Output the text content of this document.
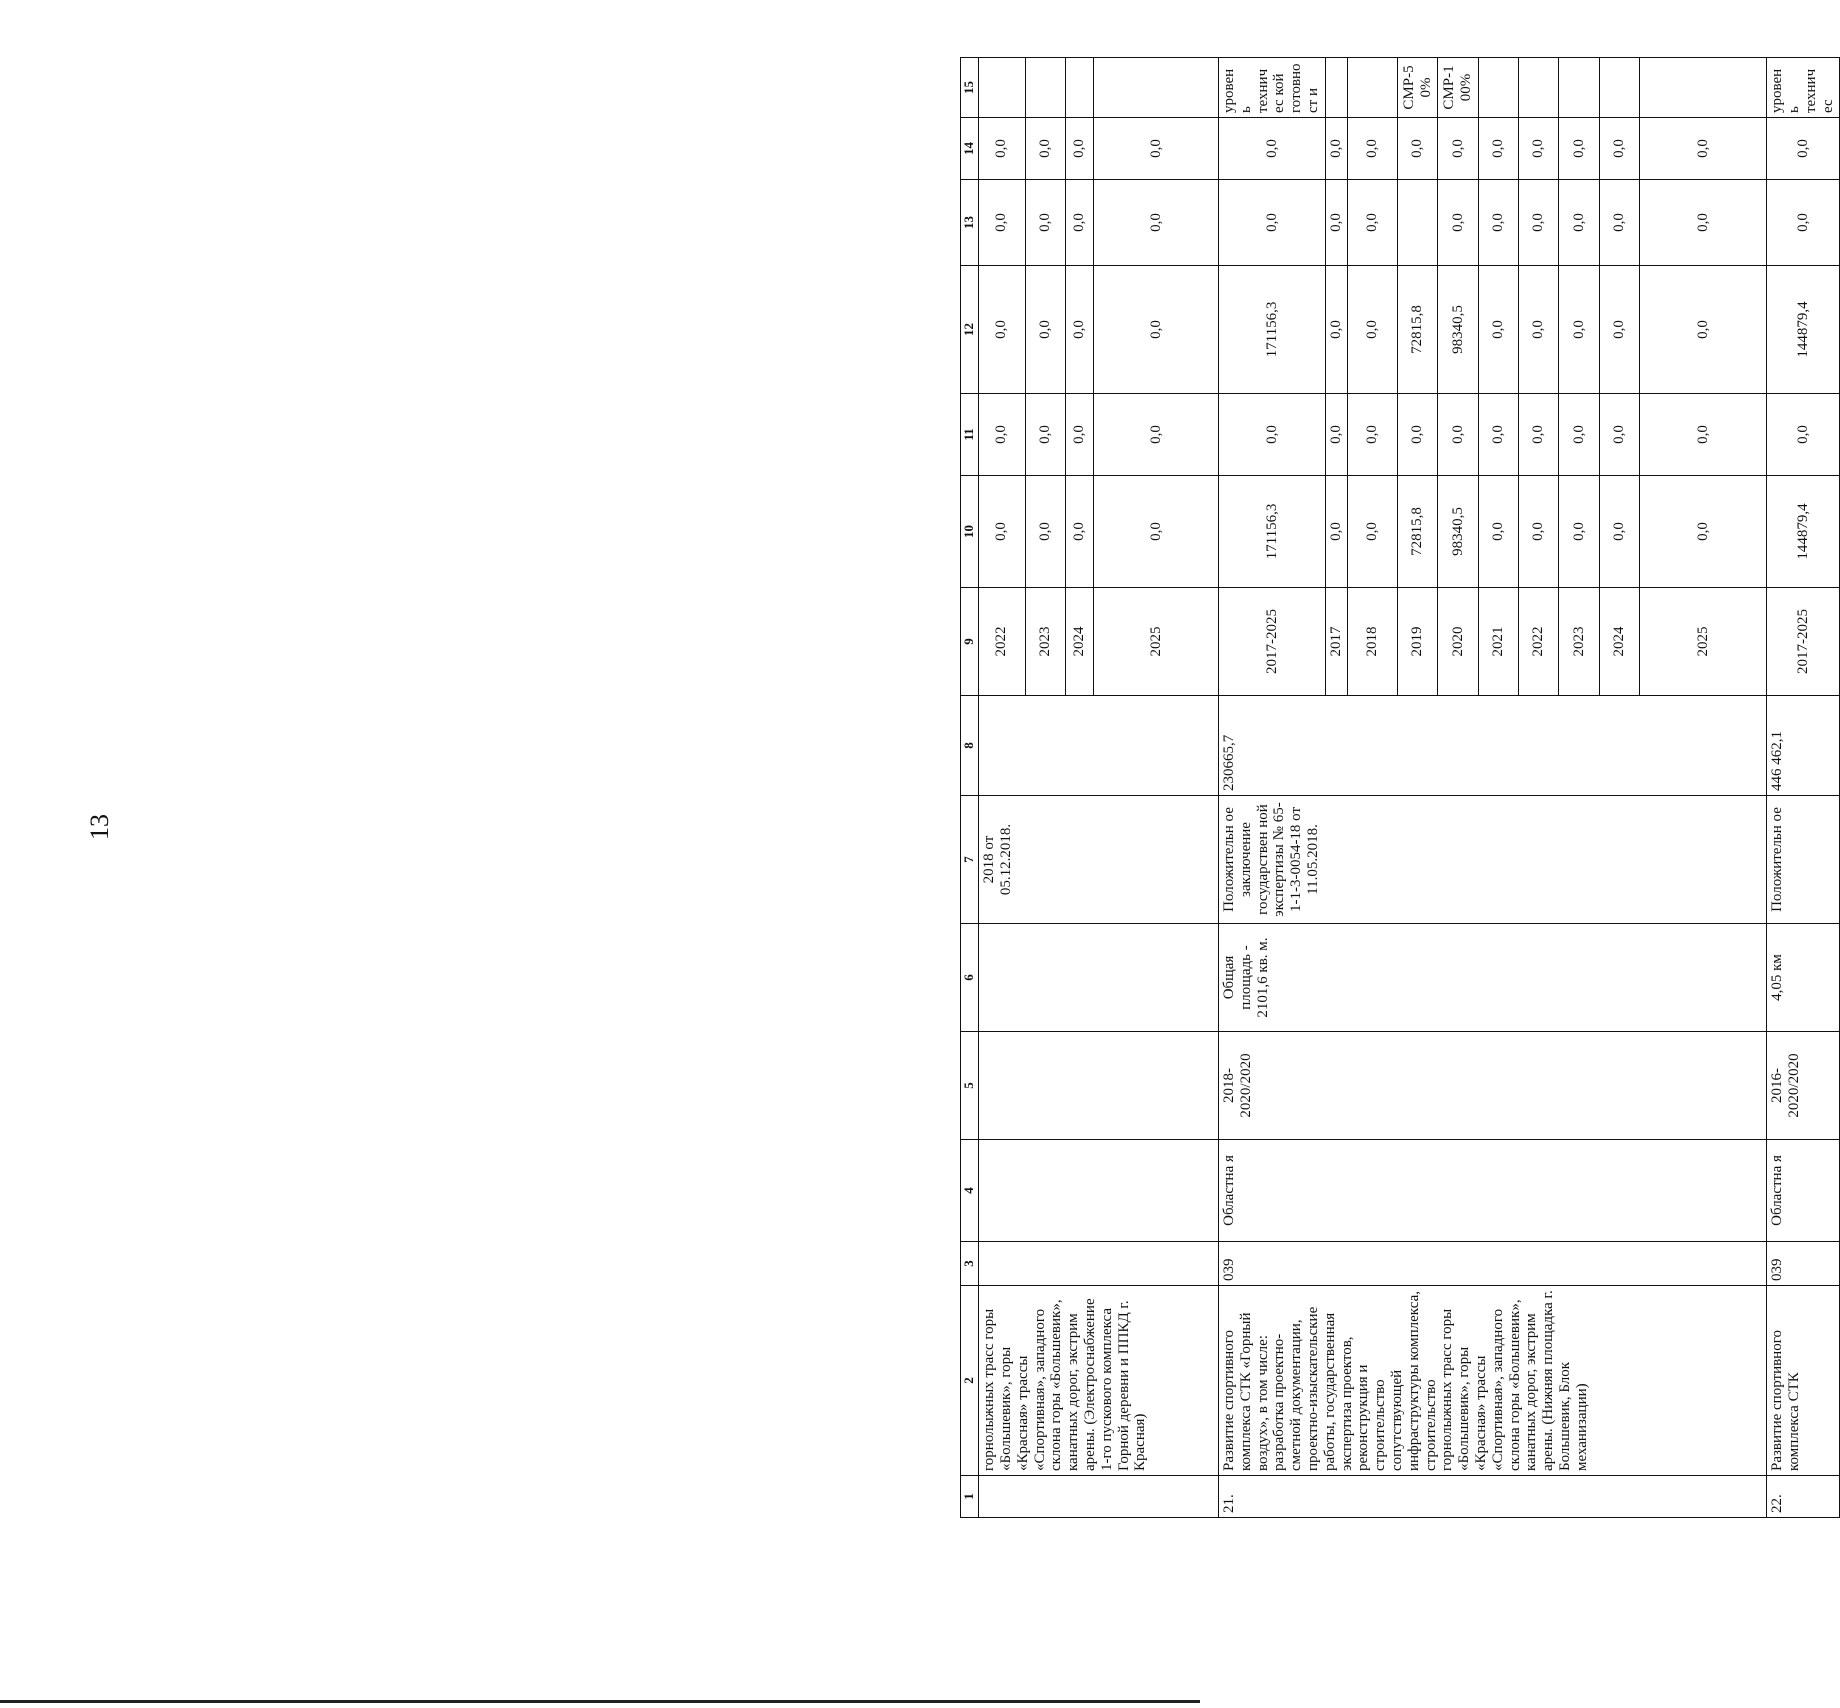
13
1	2	3	4	5	6	7	8	9	10	11	12	13	14	15
	горнолыжных трасс горы «Большевик», горы «Красная» трассы «Спортивная», западного склона горы «Большевик», канатных дорог, экстрим арены. (Электроснабжение 1-го пускового комплекса Горной деревни и ППКД г. Красная)					2018 от 05.12.2018.		2022	0,0	0,0	0,0	0,0	0,0	
								2023	0,0	0,0	0,0	0,0	0,0	
								2024	0,0	0,0	0,0	0,0	0,0	
								2025	0,0	0,0	0,0	0,0	0,0	
21.	Развитие спортивного комплекса СТК «Горный воздух», в том числе: разработка проектно-сметной документации, проектно-изыскательские работы, государственная экспертиза проектов, реконструкция и строительство сопутствующей инфраструктуры комплекса, строительство горнолыжных трасс горы «Большевик», горы «Красная» трассы «Спортивная», западного склона горы «Большевик», канатных дорог, экстрим арены. (Нижняя площадка г. Большевик, Блок механизации)	039	Областна я	2018-2020/2020	Общая площадь - 2101,6 кв. м.	Положительн ое заключение государствен ной экспертизы № 65-1-1-3-0054-18 от 11.05.2018.	230665,7	2017-2025	171156,3	0,0	171156,3	0,0	0,0	уровень техничес кой готовност и
								2017	0,0	0,0	0,0	0,0	0,0	
								2018	0,0	0,0	0,0	0,0	0,0	
								2019	72815,8	0,0	72815,8		0,0	СМР-50%
								2020	98340,5	0,0	98340,5	0,0	0,0	СМР-100%
								2021	0,0	0,0	0,0	0,0	0,0	
								2022	0,0	0,0	0,0	0,0	0,0	
								2023	0,0	0,0	0,0	0,0	0,0	
								2024	0,0	0,0	0,0	0,0	0,0	
								2025	0,0	0,0	0,0	0,0	0,0	
22.	Развитие спортивного комплекса СТК	039	Областна я	2016-2020/2020	4,05 км	Положительн ое	446 462,1	2017-2025	144879,4	0,0	144879,4	0,0	0,0	уровень техничес
